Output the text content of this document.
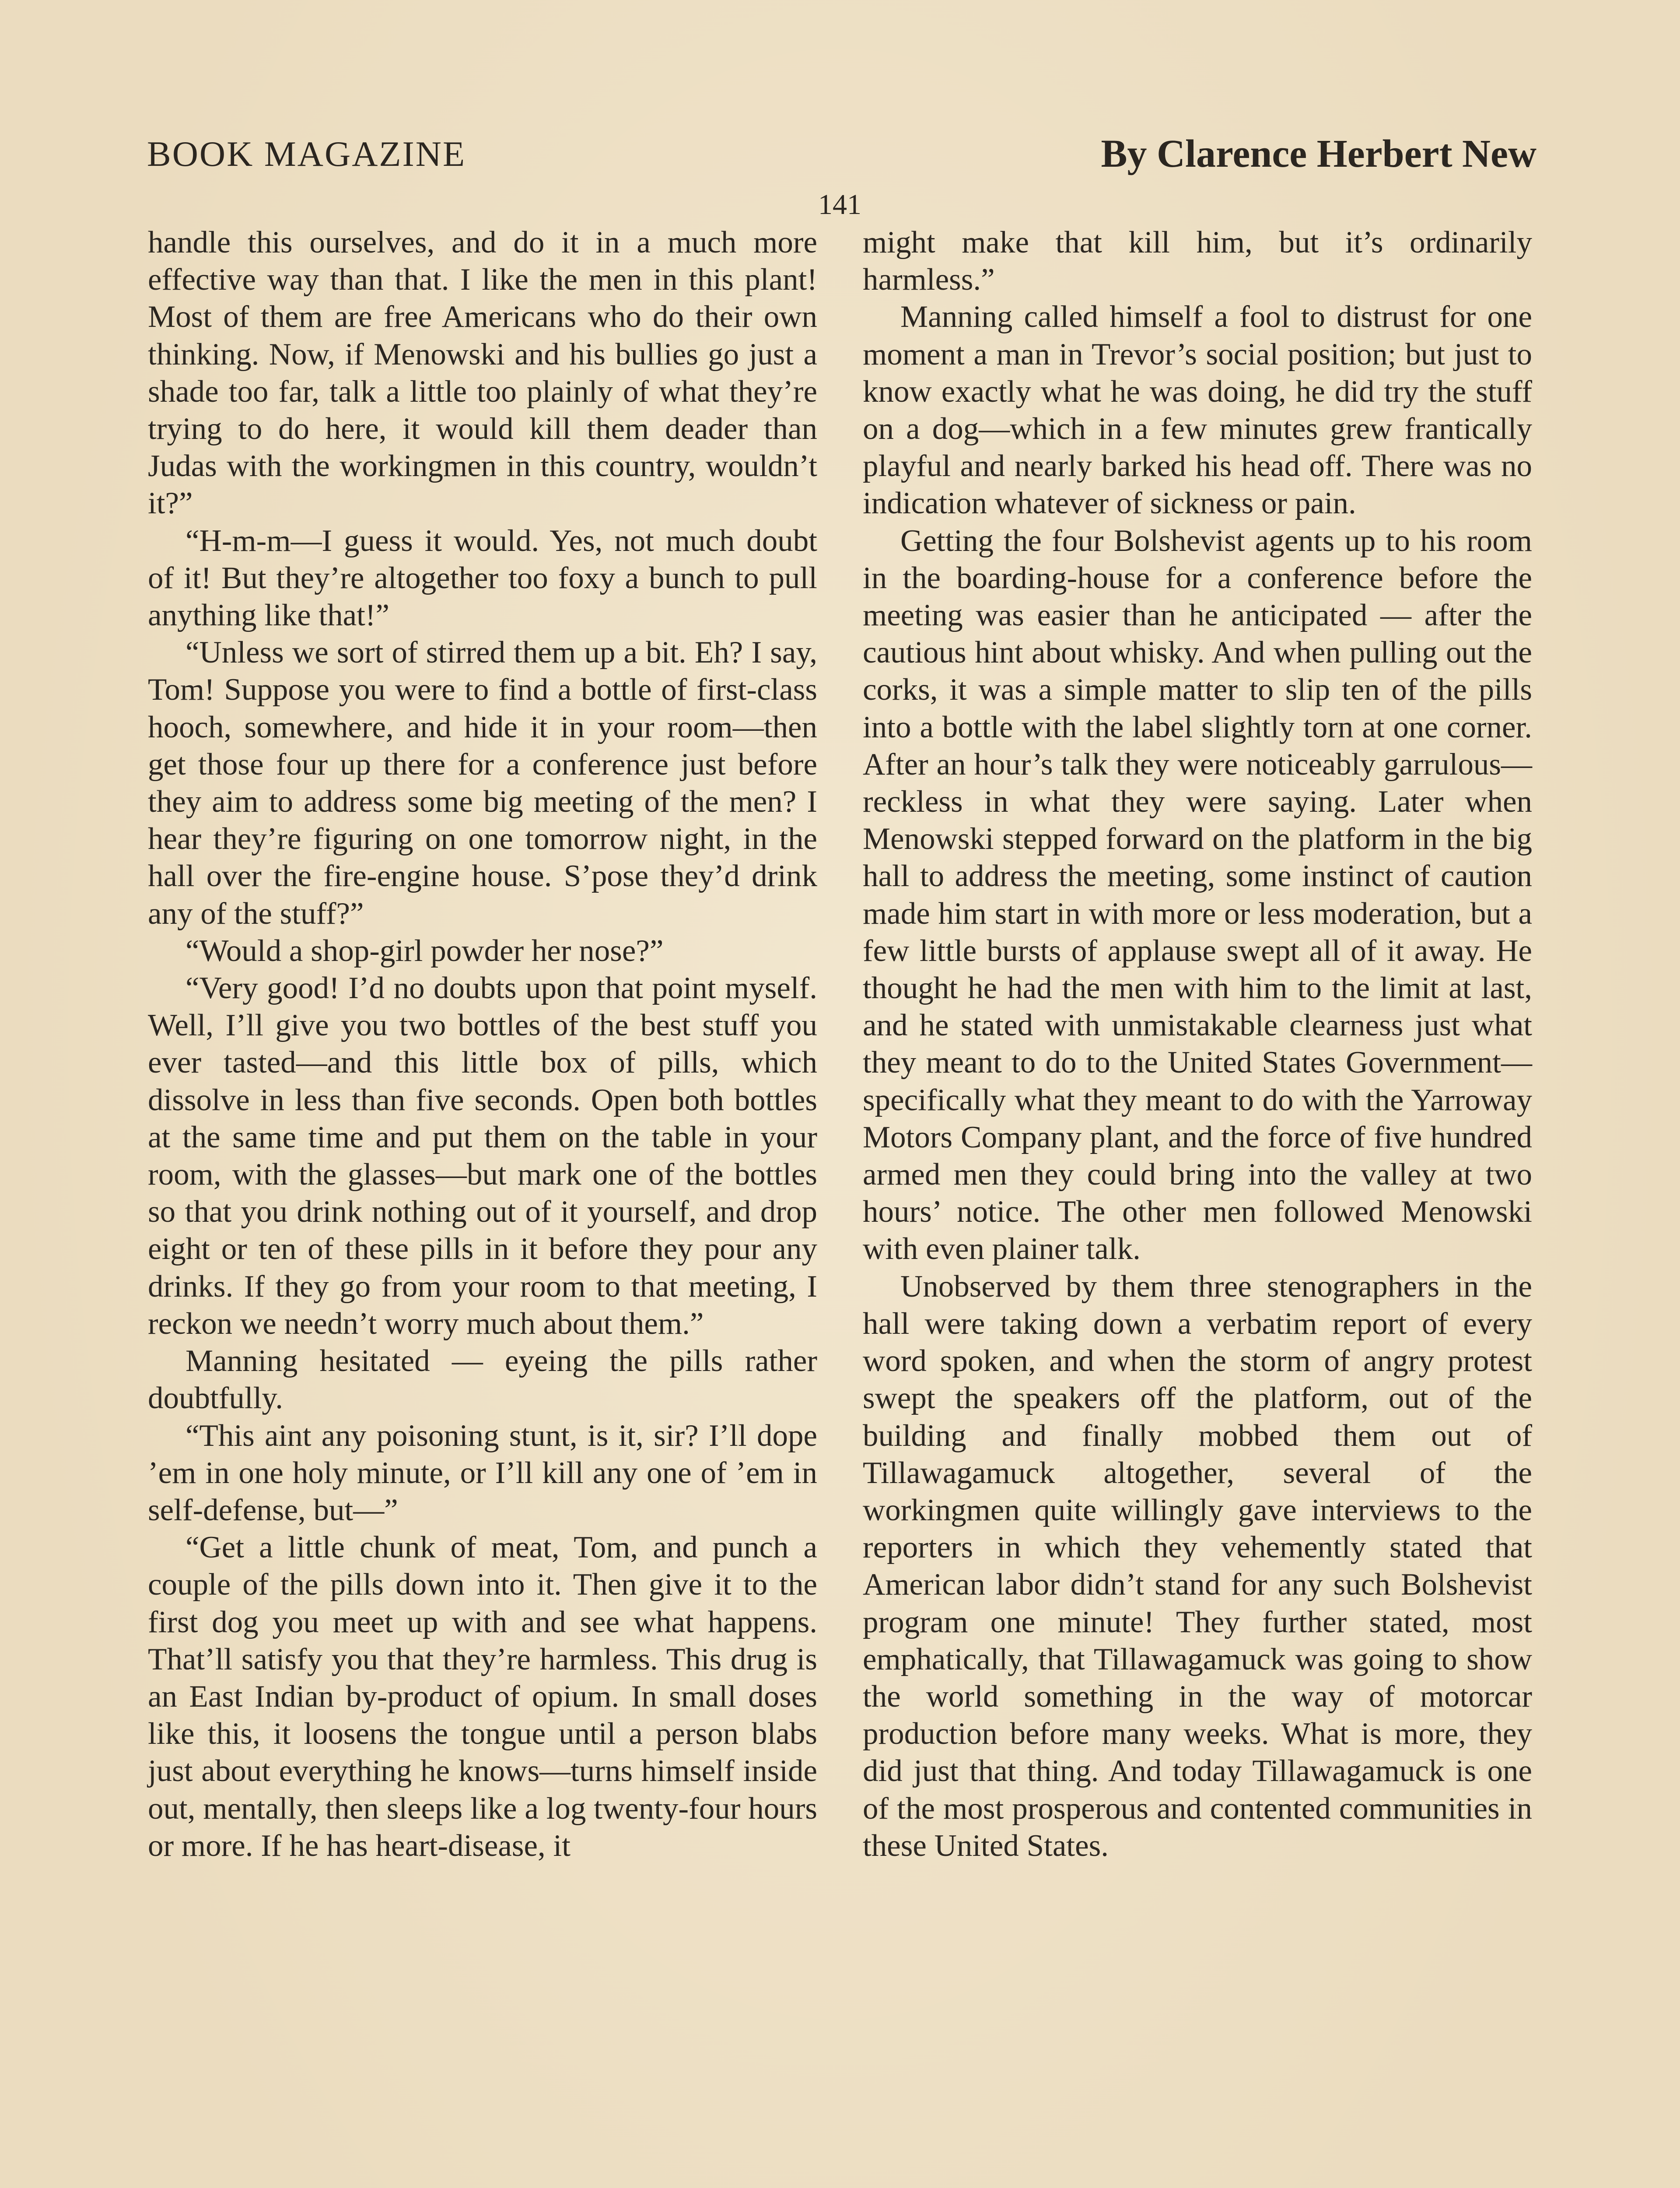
BOOK MAGAZINE	By Clarence Herbert New
141

handle this ourselves, and do it in a much more effective way than that. I like the men in this plant! Most of them are free Americans who do their own thinking. Now, if Menowski and his bullies go just a shade too far, talk a little too plainly of what they’re trying to do here, it would kill them deader than Judas with the workingmen in this country, wouldn’t it?”

“H-m-m—I guess it would. Yes, not much doubt of it! But they’re altogether too foxy a bunch to pull anything like that!”

“Unless we sort of stirred them up a bit. Eh? I say, Tom! Suppose you were to find a bottle of first-class hooch, somewhere, and hide it in your room—then get those four up there for a conference just before they aim to address some big meeting of the men? I hear they’re figuring on one tomorrow night, in the hall over the fire-engine house. S’pose they’d drink any of the stuff?”

“Would a shop-girl powder her nose?”

“Very good! I’d no doubts upon that point myself. Well, I’ll give you two bottles of the best stuff you ever tasted—and this little box of pills, which dissolve in less than five seconds. Open both bottles at the same time and put them on the table in your room, with the glasses—but mark one of the bottles so that you drink nothing out of it yourself, and drop eight or ten of these pills in it before they pour any drinks. If they go from your room to that meeting, I reckon we needn’t worry much about them.”

Manning hesitated — eyeing the pills rather doubtfully.

“This aint any poisoning stunt, is it, sir? I’ll dope ’em in one holy minute, or I’ll kill any one of ’em in self-defense, but—”

“Get a little chunk of meat, Tom, and punch a couple of the pills down into it. Then give it to the first dog you meet up with and see what happens. That’ll satisfy you that they’re harmless. This drug is an East Indian by-product of opium. In small doses like this, it loosens the tongue until a person blabs just about everything he knows—turns himself inside out, mentally, then sleeps like a log twenty-four hours or more. If he has heart-disease, it

might make that kill him, but it’s ordinarily harmless.”

Manning called himself a fool to distrust for one moment a man in Trevor’s social position; but just to know exactly what he was doing, he did try the stuff on a dog—which in a few minutes grew frantically playful and nearly barked his head off. There was no indication whatever of sickness or pain.

Getting the four Bolshevist agents up to his room in the boarding-house for a conference before the meeting was easier than he anticipated — after the cautious hint about whisky. And when pulling out the corks, it was a simple matter to slip ten of the pills into a bottle with the label slightly torn at one corner. After an hour’s talk they were noticeably garrulous—reckless in what they were saying. Later when Menowski stepped forward on the platform in the big hall to address the meeting, some instinct of caution made him start in with more or less moderation, but a few little bursts of applause swept all of it away. He thought he had the men with him to the limit at last, and he stated with unmistakable clearness just what they meant to do to the United States Government—specifically what they meant to do with the Yarroway Motors Company plant, and the force of five hundred armed men they could bring into the valley at two hours’ notice. The other men followed Menowski with even plainer talk.

Unobserved by them three stenographers in the hall were taking down a verbatim report of every word spoken, and when the storm of angry protest swept the speakers off the platform, out of the building and finally mobbed them out of Tillawagamuck altogether, several of the workingmen quite willingly gave interviews to the reporters in which they vehemently stated that American labor didn’t stand for any such Bolshevist program one minute! They further stated, most emphatically, that Tillawagamuck was going to show the world something in the way of motorcar production before many weeks. What is more, they did just that thing. And today Tillawagamuck is one of the most prosperous and contented communities in these United States.
